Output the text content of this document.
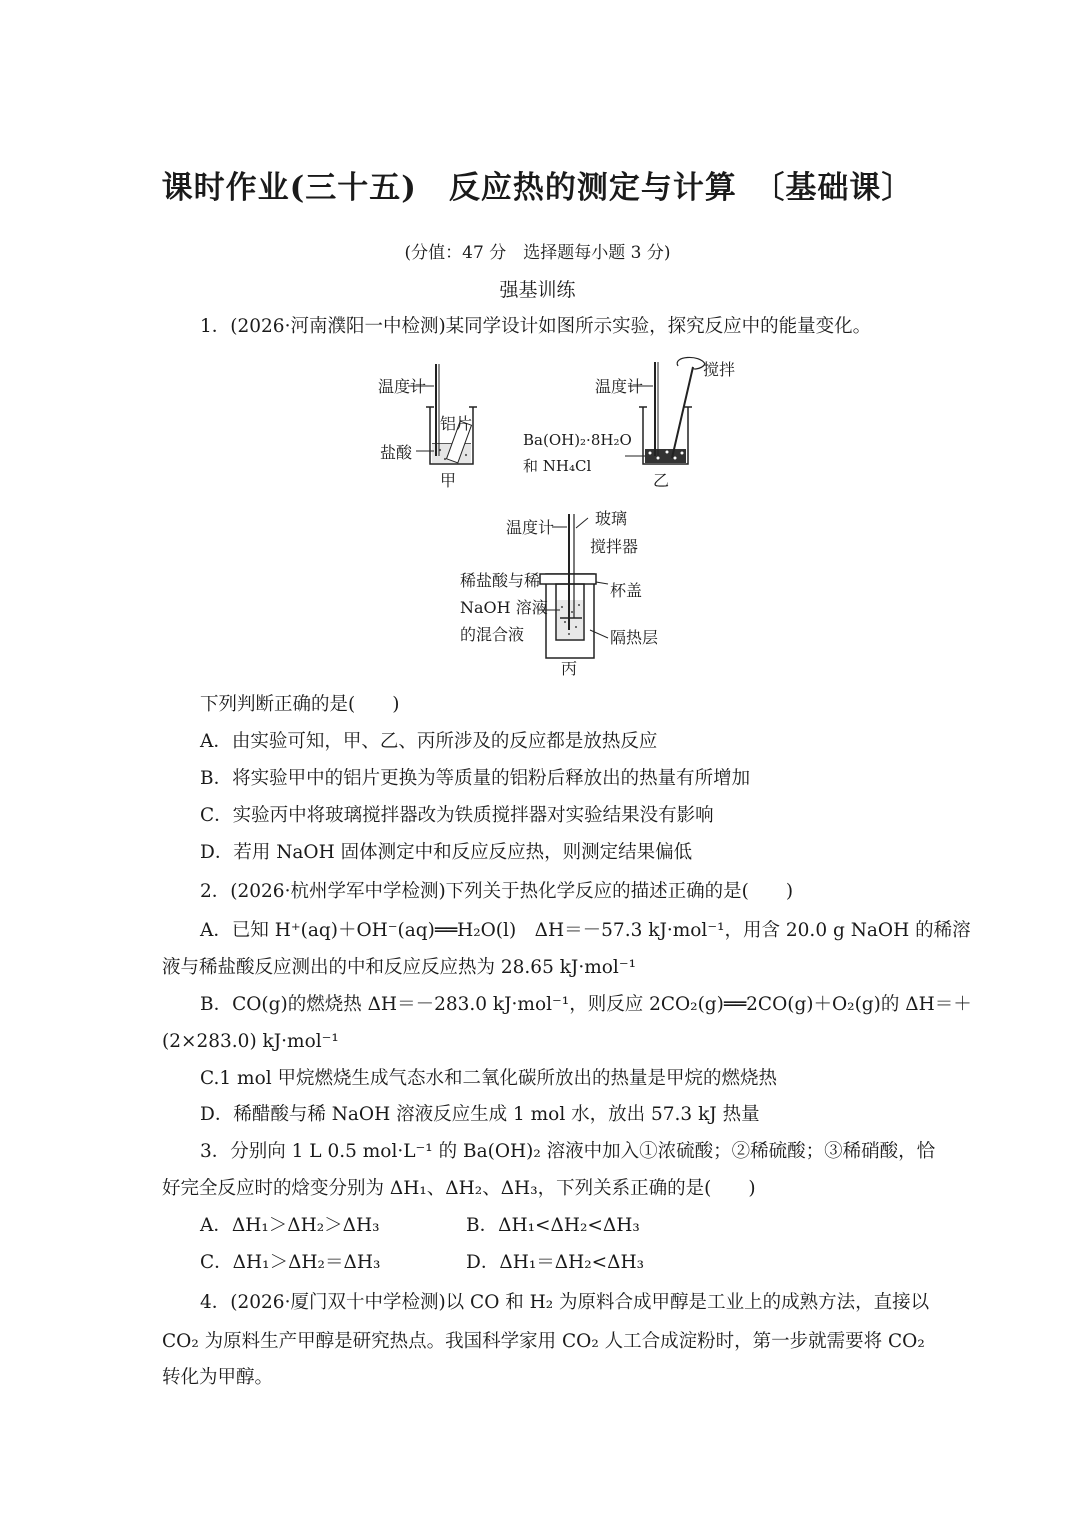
课时作业(三十五)　反应热的测定与计算　〔基础课〕
(分值：47 分　选择题每小题 3 分)
强基训练
1．(2026·河南濮阳一中检测)某同学设计如图所示实验，探究反应中的能量变化。
温度计
铝片
盐酸
甲
温度计
搅拌
Ba(OH)₂·8H₂O
和 NH₄Cl
乙
温度计	玻璃
搅拌器
稀盐酸与稀
NaOH 溶液
的混合液
杯盖
隔热层
丙
下列判断正确的是(　　)
A．由实验可知，甲、乙、丙所涉及的反应都是放热反应
B．将实验甲中的铝片更换为等质量的铝粉后释放出的热量有所增加
C．实验丙中将玻璃搅拌器改为铁质搅拌器对实验结果没有影响
D．若用 NaOH 固体测定中和反应反应热，则测定结果偏低
2．(2026·杭州学军中学检测)下列关于热化学反应的描述正确的是(　　)
A．已知 H⁺(aq)＋OH⁻(aq)══H₂O(l)　ΔH＝－57.3 kJ·mol⁻¹，用含 20.0 g NaOH 的稀溶
液与稀盐酸反应测出的中和反应反应热为 28.65 kJ·mol⁻¹
B．CO(g)的燃烧热 ΔH＝－283.0 kJ·mol⁻¹，则反应 2CO₂(g)══2CO(g)＋O₂(g)的 ΔH＝＋
(2×283.0) kJ·mol⁻¹
C.1 mol 甲烷燃烧生成气态水和二氧化碳所放出的热量是甲烷的燃烧热
D．稀醋酸与稀 NaOH 溶液反应生成 1 mol 水，放出 57.3 kJ 热量
3．分别向 1 L 0.5 mol·L⁻¹ 的 Ba(OH)₂ 溶液中加入①浓硫酸；②稀硫酸；③稀硝酸，恰
好完全反应时的焓变分别为 ΔH₁、ΔH₂、ΔH₃，下列关系正确的是(　　)
A．ΔH₁＞ΔH₂＞ΔH₃	B．ΔH₁<ΔH₂<ΔH₃
C．ΔH₁＞ΔH₂＝ΔH₃	D．ΔH₁＝ΔH₂<ΔH₃
4．(2026·厦门双十中学检测)以 CO 和 H₂ 为原料合成甲醇是工业上的成熟方法，直接以
CO₂ 为原料生产甲醇是研究热点。我国科学家用 CO₂ 人工合成淀粉时，第一步就需要将 CO₂
转化为甲醇。
